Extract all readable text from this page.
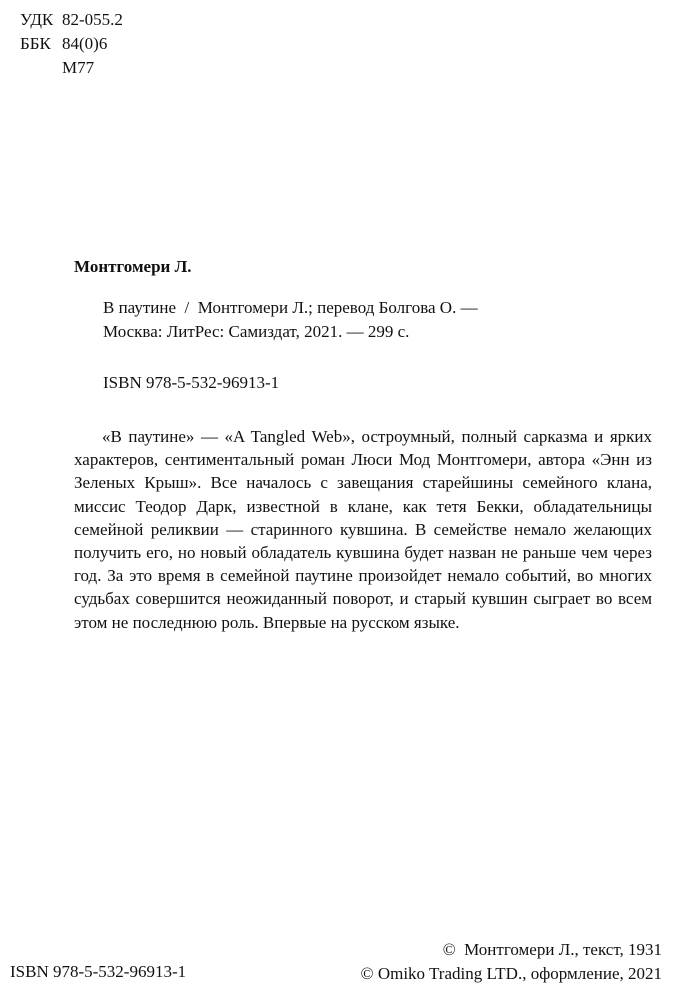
УДК 82-055.2
ББК 84(0)6
М77
Монтгомери Л.
В паутине  /  Монтгомери Л.; перевод Болгова О. —
Москва: ЛитРес: Самиздат, 2021. — 299 с.
ISBN 978-5-532-96913-1
«В паутине» — «A Tangled Web», остроумный, полный сарказма и ярких характеров, сентиментальный роман Люси Мод Монтгомери, автора «Энн из Зеленых Крыш». Все началось с завещания старейшины семейного клана, миссис Теодор Дарк, известной в клане, как тетя Бекки, обладательницы семейной реликвии — старинного кувшина. В семействе немало желающих получить его, но новый обладатель кувшина будет назван не раньше чем через год. За это время в семейной паутине произойдет немало событий, во многих судьбах совершится неожиданный поворот, и старый кувшин сыграет во всем этом не последнюю роль. Впервые на русском языке.
ISBN 978-5-532-96913-1
©  Монтгомери Л., текст, 1931
© Omiko Trading LTD., оформление, 2021
